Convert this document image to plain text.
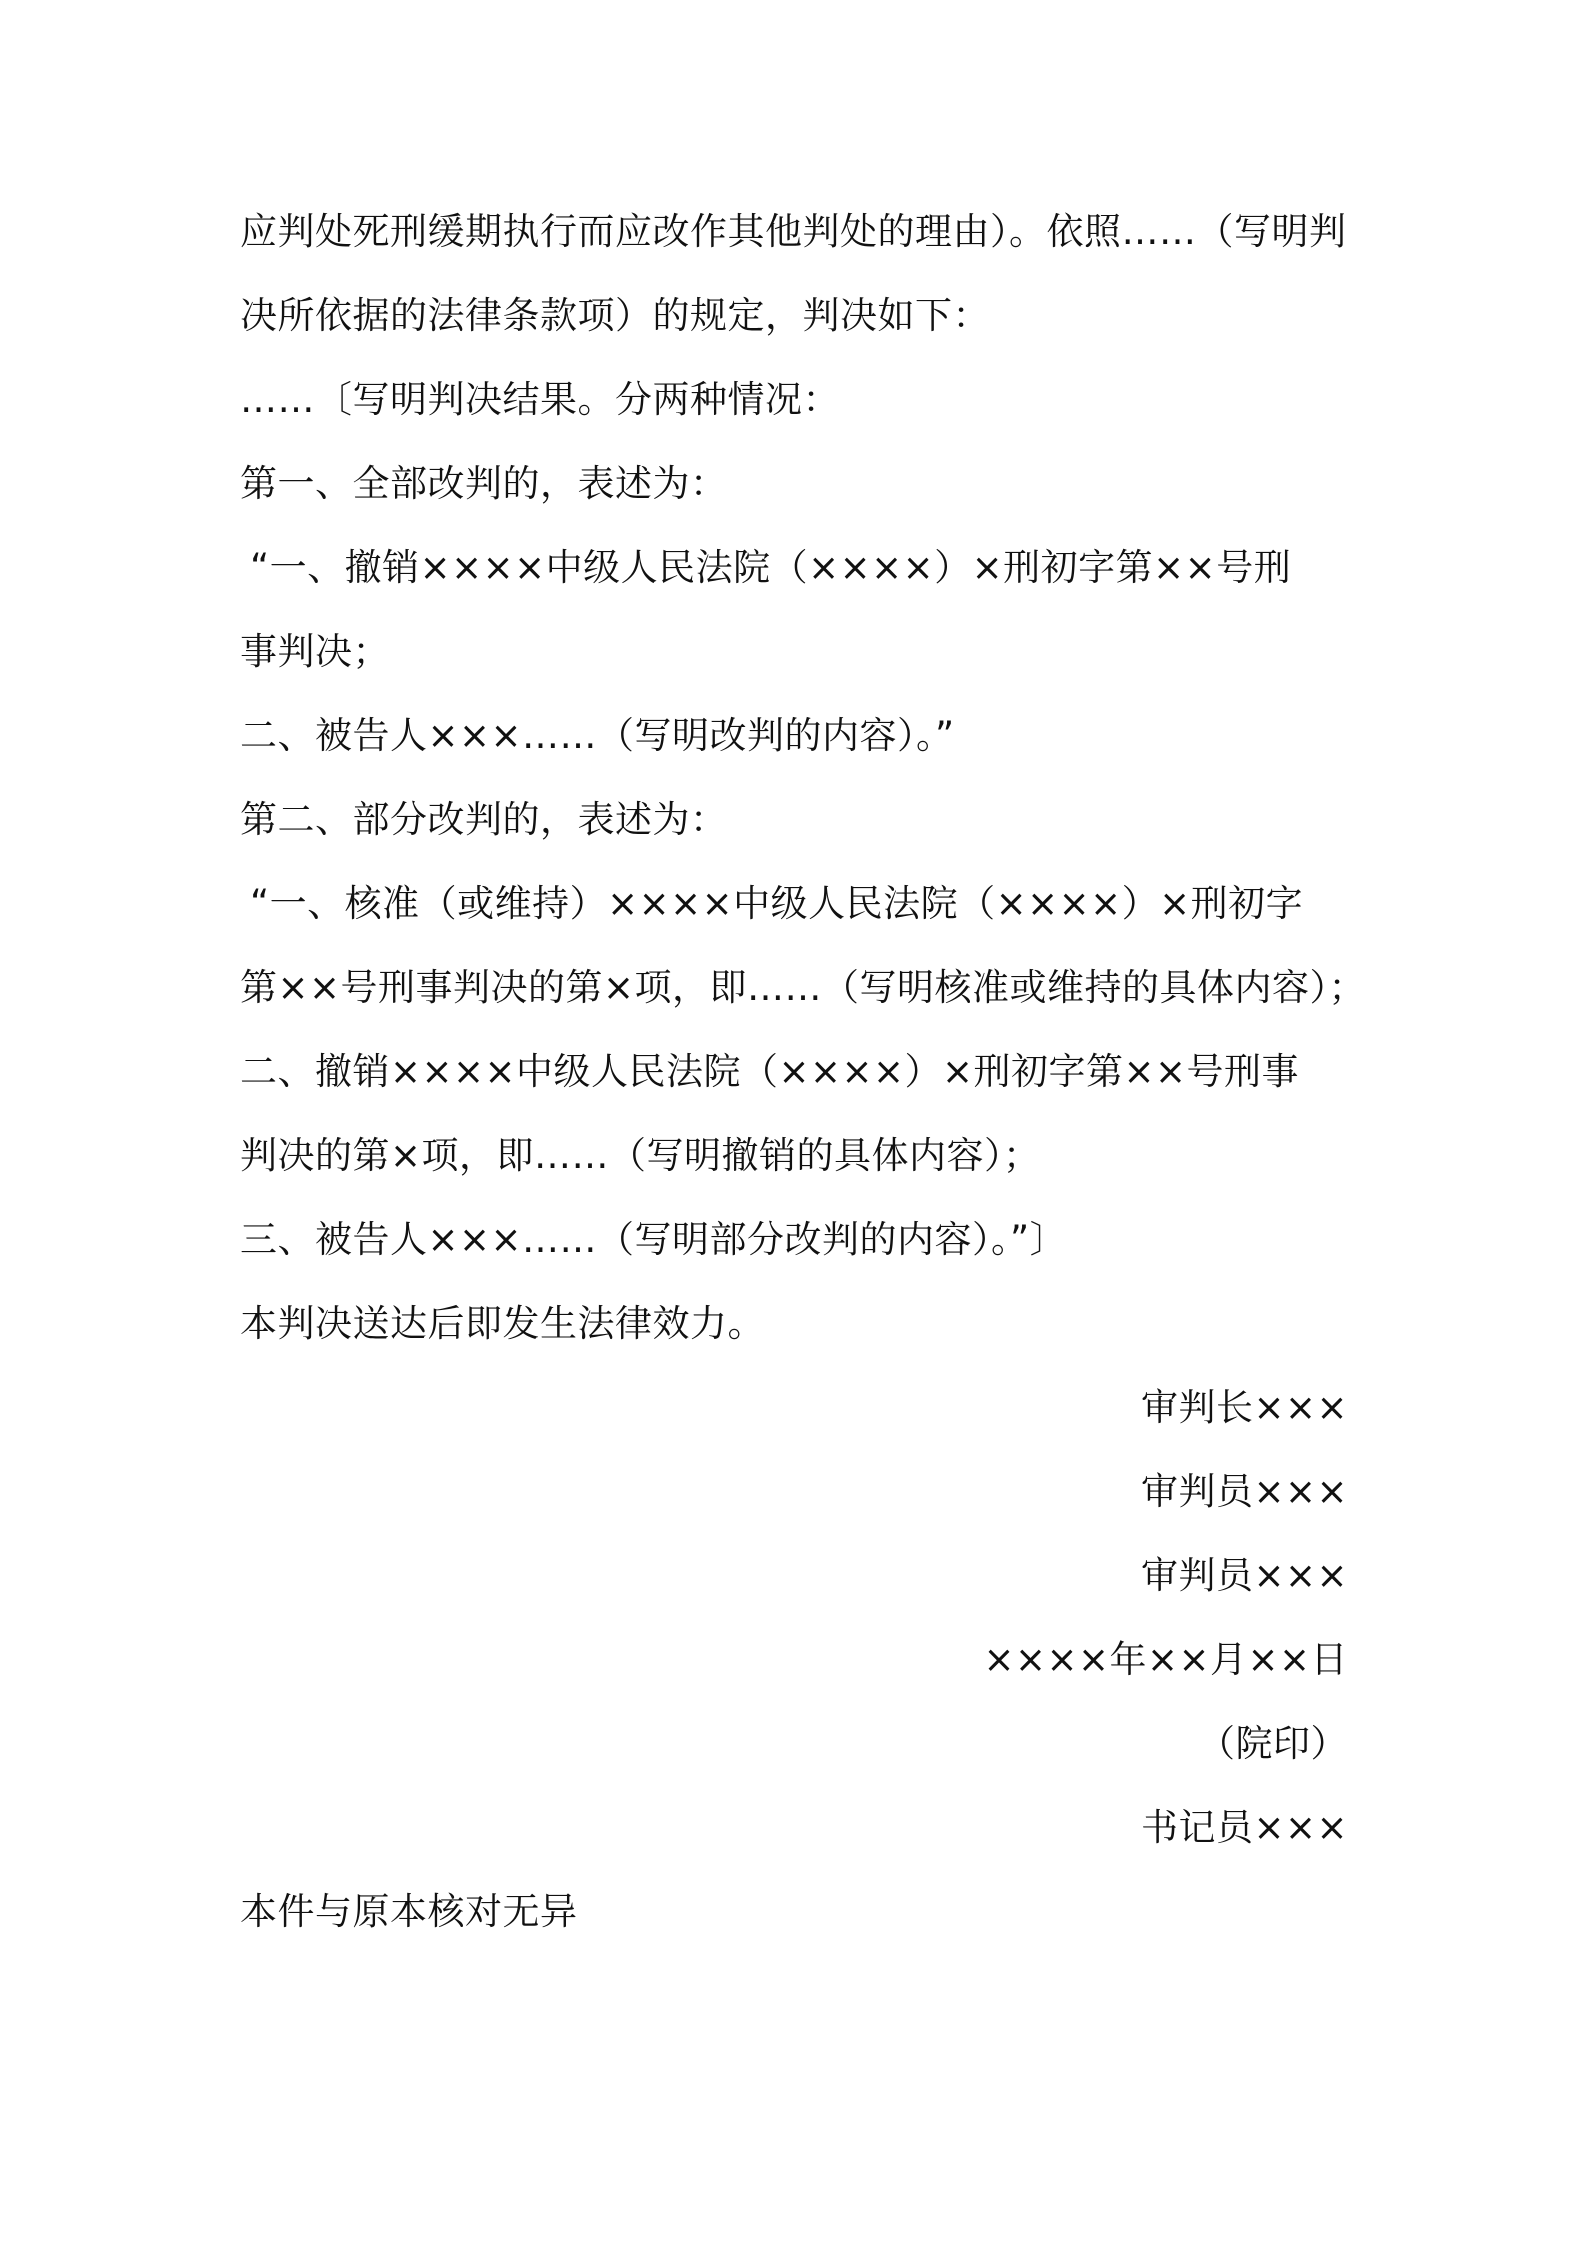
应判处死刑缓期执行而应改作其他判处的理由）。依照……（写明判
决所依据的法律条款项）的规定，判决如下：
……〔写明判决结果。分两种情况：
第一、全部改判的，表述为：
“一、撤销××××中级人民法院（××××）×刑初字第××号刑
事判决；
二、被告人×××……（写明改判的内容）。”
第二、部分改判的，表述为：
“一、核准（或维持）××××中级人民法院（××××）×刑初字
第××号刑事判决的第×项，即……（写明核准或维持的具体内容）；
二、撤销××××中级人民法院（××××）×刑初字第××号刑事
判决的第×项，即……（写明撤销的具体内容）；
三、被告人×××……（写明部分改判的内容）。”〕
本判决送达后即发生法律效力。
审判长×××
审判员×××
审判员×××
××××年××月××日
（院印）
书记员×××
本件与原本核对无异
